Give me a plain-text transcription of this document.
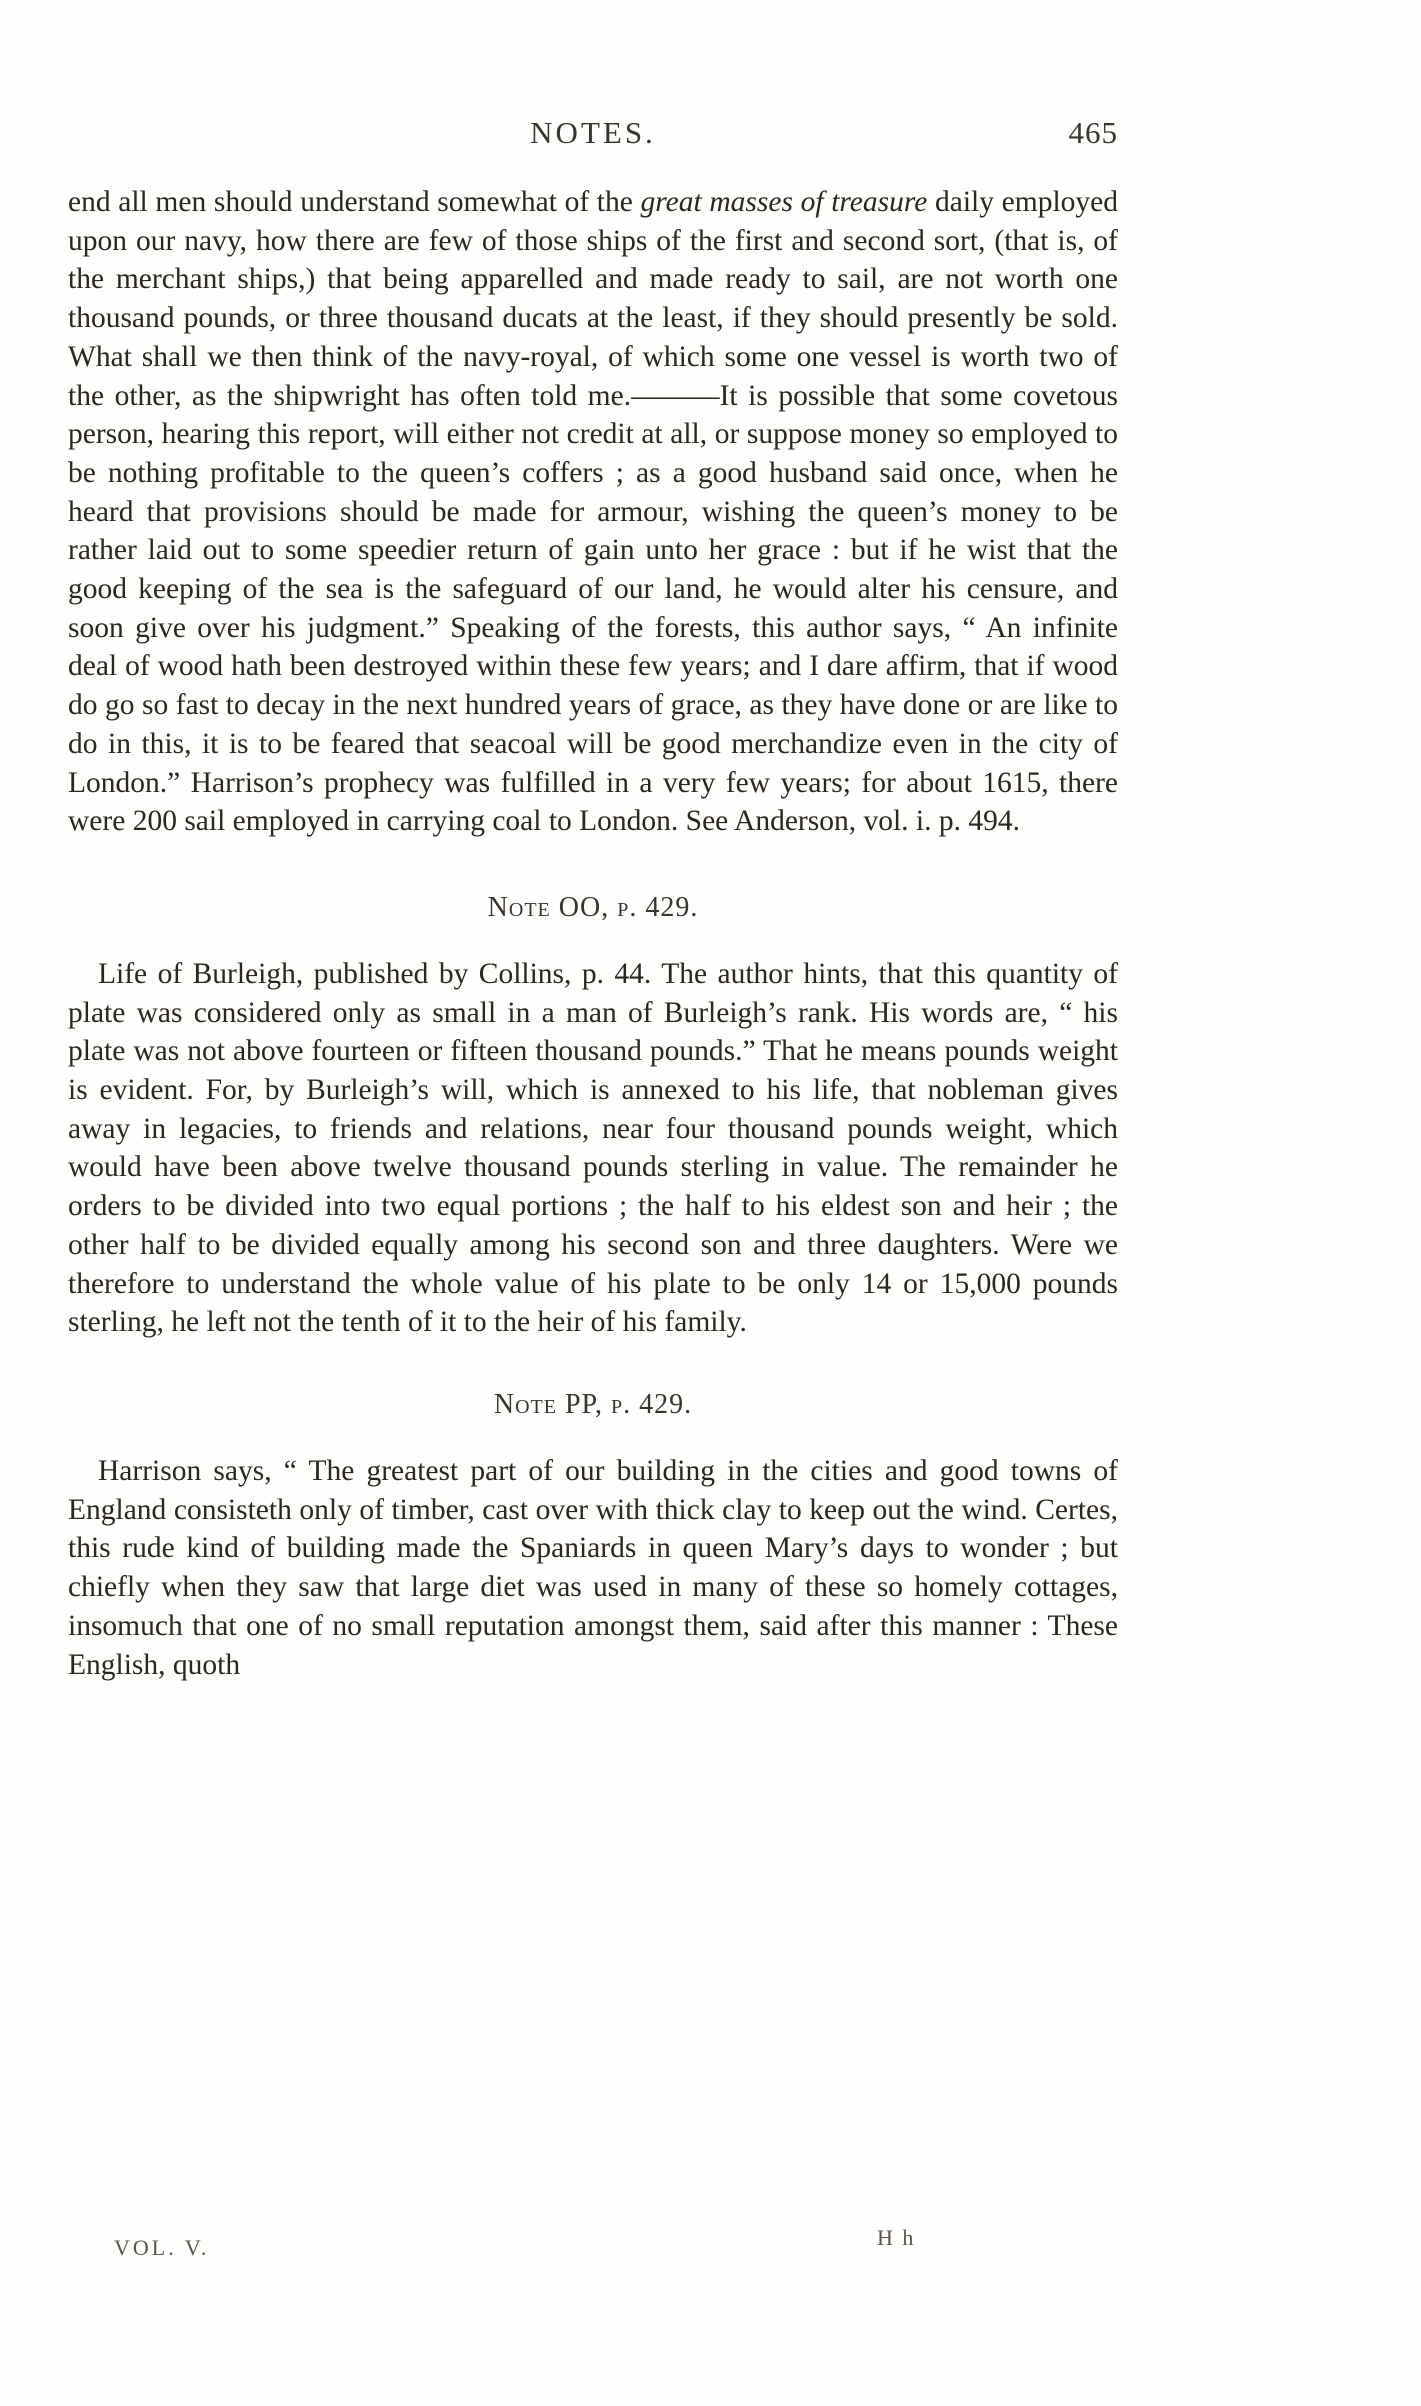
NOTES.	465

end all men should understand somewhat of the great masses of treasure daily employed upon our navy, how there are few of those ships of the first and second sort, (that is, of the merchant ships,) that being apparelled and made ready to sail, are not worth one thousand pounds, or three thousand ducats at the least, if they should presently be sold. What shall we then think of the navy-royal, of which some one vessel is worth two of the other, as the shipwright has often told me.———It is possible that some covetous person, hearing this report, will either not credit at all, or suppose money so employed to be nothing profitable to the queen’s coffers ; as a good husband said once, when he heard that provisions should be made for armour, wishing the queen’s money to be rather laid out to some speedier return of gain unto her grace : but if he wist that the good keeping of the sea is the safeguard of our land, he would alter his censure, and soon give over his judgment.” Speaking of the forests, this author says, “ An infinite deal of wood hath been destroyed within these few years; and I dare affirm, that if wood do go so fast to decay in the next hundred years of grace, as they have done or are like to do in this, it is to be feared that seacoal will be good merchandize even in the city of London.” Harrison’s prophecy was fulfilled in a very few years; for about 1615, there were 200 sail employed in carrying coal to London. See Anderson, vol. i. p. 494.

Note OO, p. 429.

Life of Burleigh, published by Collins, p. 44. The author hints, that this quantity of plate was considered only as small in a man of Burleigh’s rank. His words are, “ his plate was not above fourteen or fifteen thousand pounds.” That he means pounds weight is evident. For, by Burleigh’s will, which is annexed to his life, that nobleman gives away in legacies, to friends and relations, near four thousand pounds weight, which would have been above twelve thousand pounds sterling in value. The remainder he orders to be divided into two equal portions ; the half to his eldest son and heir ; the other half to be divided equally among his second son and three daughters. Were we therefore to understand the whole value of his plate to be only 14 or 15,000 pounds sterling, he left not the tenth of it to the heir of his family.

Note PP, p. 429.

Harrison says, “ The greatest part of our building in the cities and good towns of England consisteth only of timber, cast over with thick clay to keep out the wind. Certes, this rude kind of building made the Spaniards in queen Mary’s days to wonder ; but chiefly when they saw that large diet was used in many of these so homely cottages, insomuch that one of no small reputation amongst them, said after this manner : These English, quoth

VOL. V.	H h
